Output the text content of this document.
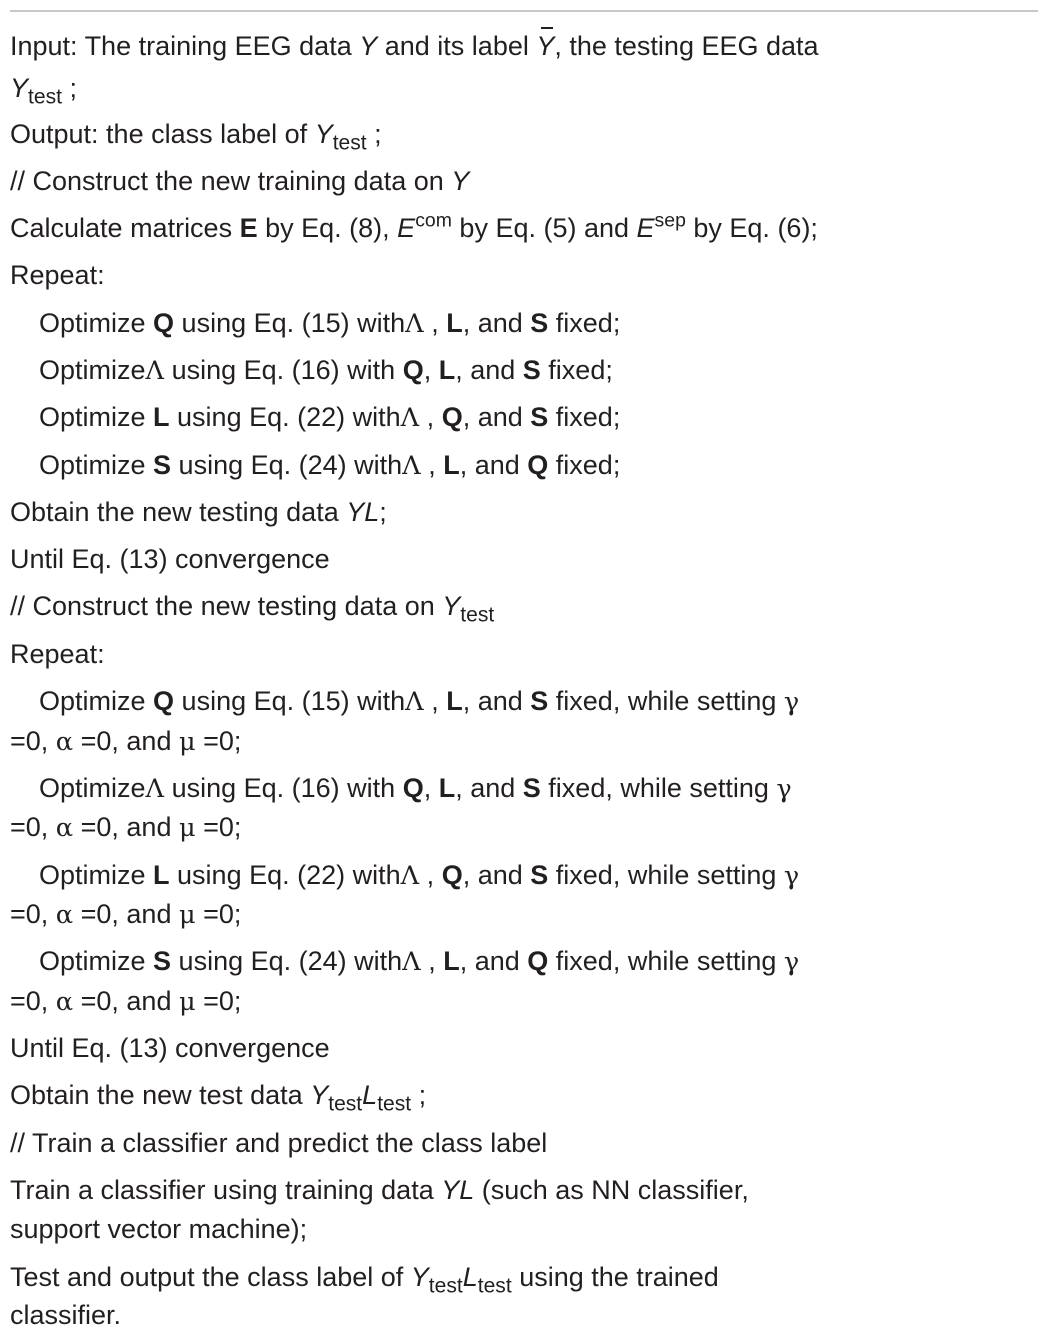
Input: The training EEG data Y and its label Y
, the testing EEG data
$Y_{test}$ ;
Output: the class label of $Y_{test}$ ;
// Construct the new training data on Y
Calculate matrices E by Eq. (8), $E^{com}$ by Eq. (5) and $E^{sep}$ by Eq. (6);
Repeat:
Optimize Q using Eq. (15) withΛ , L, and S fixed;
OptimizeΛ using Eq. (16) with Q, L, and S fixed;
Optimize L using Eq. (22) withΛ , Q, and S fixed;
Optimize S using Eq. (24) withΛ , L, and Q fixed;
Obtain the new testing data YL;
Until Eq. (13) convergence
// Construct the new testing data on $Y_{test}$
Repeat:
Optimize Q using Eq. (15) withΛ , L, and S fixed, while setting γ
=0, α =0, and μ =0;
OptimizeΛ using Eq. (16) with Q, L, and S fixed, while setting γ
=0, α =0, and μ =0;
Optimize L using Eq. (22) withΛ , Q, and S fixed, while setting γ
=0, α =0, and μ =0;
Optimize S using Eq. (24) withΛ , L, and Q fixed, while setting γ
=0, α =0, and μ =0;
Until Eq. (13) convergence
Obtain the new test data $Y_{test}L_{test}$ ;
// Train a classifier and predict the class label
Train a classifier using training data YL (such as NN classifier,
support vector machine);
Test and output the class label of $Y_{test}L_{test}$ using the trained
classifier.
